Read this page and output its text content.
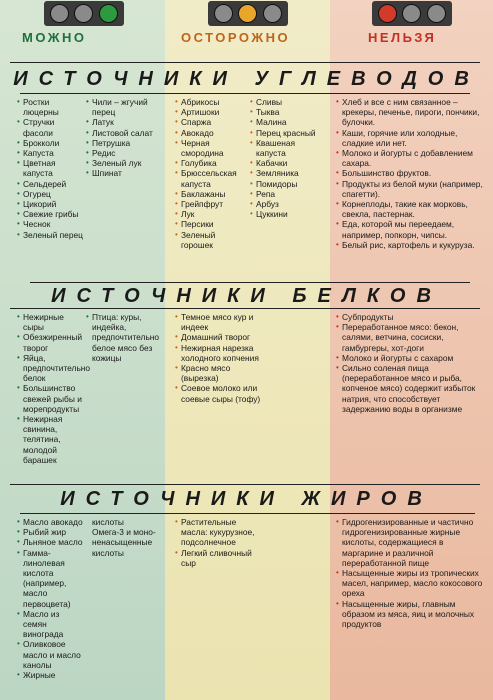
МОЖНО	ОСТОРОЖНО	НЕЛЬЗЯ
ИСТОЧНИКИ УГЛЕВОДОВ
• Ростки люцерны
• Стручки фасоли
• Брокколи
• Капуста
• Цветная капуста
• Сельдерей
• Огурец
• Цикорий
• Свежие грибы
• Чеснок
• Зеленый перец
• Чили – жгучий перец
• Латук
• Листовой салат
• Петрушка
• Редис
• Зеленый лук
• Шпинат
• Абрикосы
• Артишоки
• Спаржа
• Авокадо
• Черная смородина
• Голубика
• Брюссельская капуста
• Баклажаны
• Грейпфрут
• Лук
• Персики
• Зеленый горошек
• Сливы
• Тыква
• Малина
• Перец красный
• Квашеная капуста
• Кабачки
• Земляника
• Помидоры
• Репа
• Арбуз
• Цуккини
• Хлеб и все с ним связанное – крекеры, печенье, пироги, пончики, булочки.
• Каши, горячие или холодные, сладкие или нет.
• Молоко и йогурты с добавлением сахара.
• Большинство фруктов.
• Продукты из белой муки (например, спагетти).
• Корнеплоды, такие как морковь, свекла, пастернак.
• Еда, которой мы переедаем, например, попкорн, чипсы.
• Белый рис, картофель и кукуруза.
ИСТОЧНИКИ БЕЛКОВ
• Нежирные сыры
• Обезжиренный творог
• Яйца, предпочтительно белок
• Большинство свежей рыбы и морепродукты
• Нежирная свинина, телятина, молодой барашек
• Птица: куры, индейка, предпочтительно белое мясо без кожицы
• Темное мясо кур и индеек
• Домашний творог
• Нежирная нарезка холодного копчения
• Красно мясо (вырезка)
• Соевое молоко или соевые сыры (тофу)
• Субпродукты
• Переработанное мясо: бекон, салями, ветчина, сосиски, гамбургеры, хот-доги
• Молоко и йогурты с сахаром
• Сильно соленая пища (переработанное мясо и рыба, копченое мясо) содержит избыток натрия, что способствует задержанию воды в организме
ИСТОЧНИКИ ЖИРОВ
• Масло авокадо
• Рыбий жир
• Льняное масло
• Гамма-линолевая кислота (например, масло первоцвета)
• Масло из семян винограда
• Оливковое масло и масло канолы
• Жирные
кислоты Омега-3 и моно-ненасыщенные кислоты
• Растительные масла: кукурузное, подсолнечное
• Легкий сливочный сыр
• Гидрогенизированные и частично гидрогенизированные жирные кислоты, содержащиеся в маргарине и различной переработанной пище
• Насыщенные жиры из тропических масел, например, масло кокосового ореха
• Насыщенные жиры, главным образом из мяса, яиц и молочных продуктов
